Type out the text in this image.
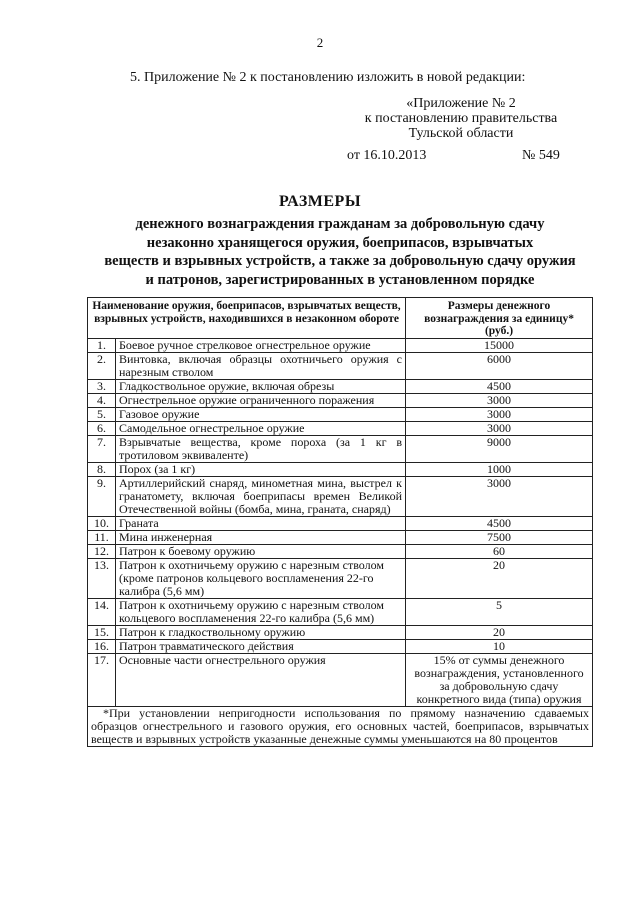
2
5. Приложение № 2 к постановлению изложить в новой редакции:
«Приложение № 2
к постановлению правительства
Тульской области
от 16.10.2013	№ 549
РАЗМЕРЫ
денежного вознаграждения гражданам за добровольную сдачу
незаконно хранящегося оружия, боеприпасов, взрывчатых
веществ и взрывных устройств, а также за добровольную сдачу оружия
и патронов, зарегистрированных в установленном порядке
Наименование оружия, боеприпасов, взрывчатых веществ, взрывных устройств, находившихся в незаконном обороте		Размеры денежного вознаграждения за единицу* (руб.)
1.	Боевое ручное стрелковое огнестрельное оружие	15000
2.	Винтовка, включая образцы охотничьего оружия с нарезным стволом	6000
3.	Гладкоствольное оружие, включая обрезы	4500
4.	Огнестрельное оружие ограниченного поражения	3000
5.	Газовое оружие	3000
6.	Самодельное огнестрельное оружие	3000
7.	Взрывчатые вещества, кроме пороха (за 1 кг в тротиловом эквиваленте)	9000
8.	Порох (за 1 кг)	1000
9.	Артиллерийский снаряд, минометная мина, выстрел к гранатомету, включая боеприпасы времен Великой Отечественной войны (бомба, мина, граната, снаряд)	3000
10.	Граната	4500
11.	Мина инженерная	7500
12.	Патрон к боевому оружию	60
13.	Патрон к охотничьему оружию с нарезным стволом (кроме патронов кольцевого воспламенения 22-го калибра (5,6 мм)	20
14.	Патрон к охотничьему оружию с нарезным стволом кольцевого воспламенения 22-го калибра (5,6 мм)	5
15.	Патрон к гладкоствольному оружию	20
16.	Патрон травматического действия	10
17.	Основные части огнестрельного оружия	15% от суммы денежного вознаграждения, установленного за добровольную сдачу конкретного вида (типа) оружия

*При установлении непригодности использования по прямому назначению сдаваемых образцов огнестрельного и газового оружия, его основных частей, боеприпасов, взрывчатых веществ и взрывных устройств указанные денежные суммы уменьшаются на 80 процентов		
